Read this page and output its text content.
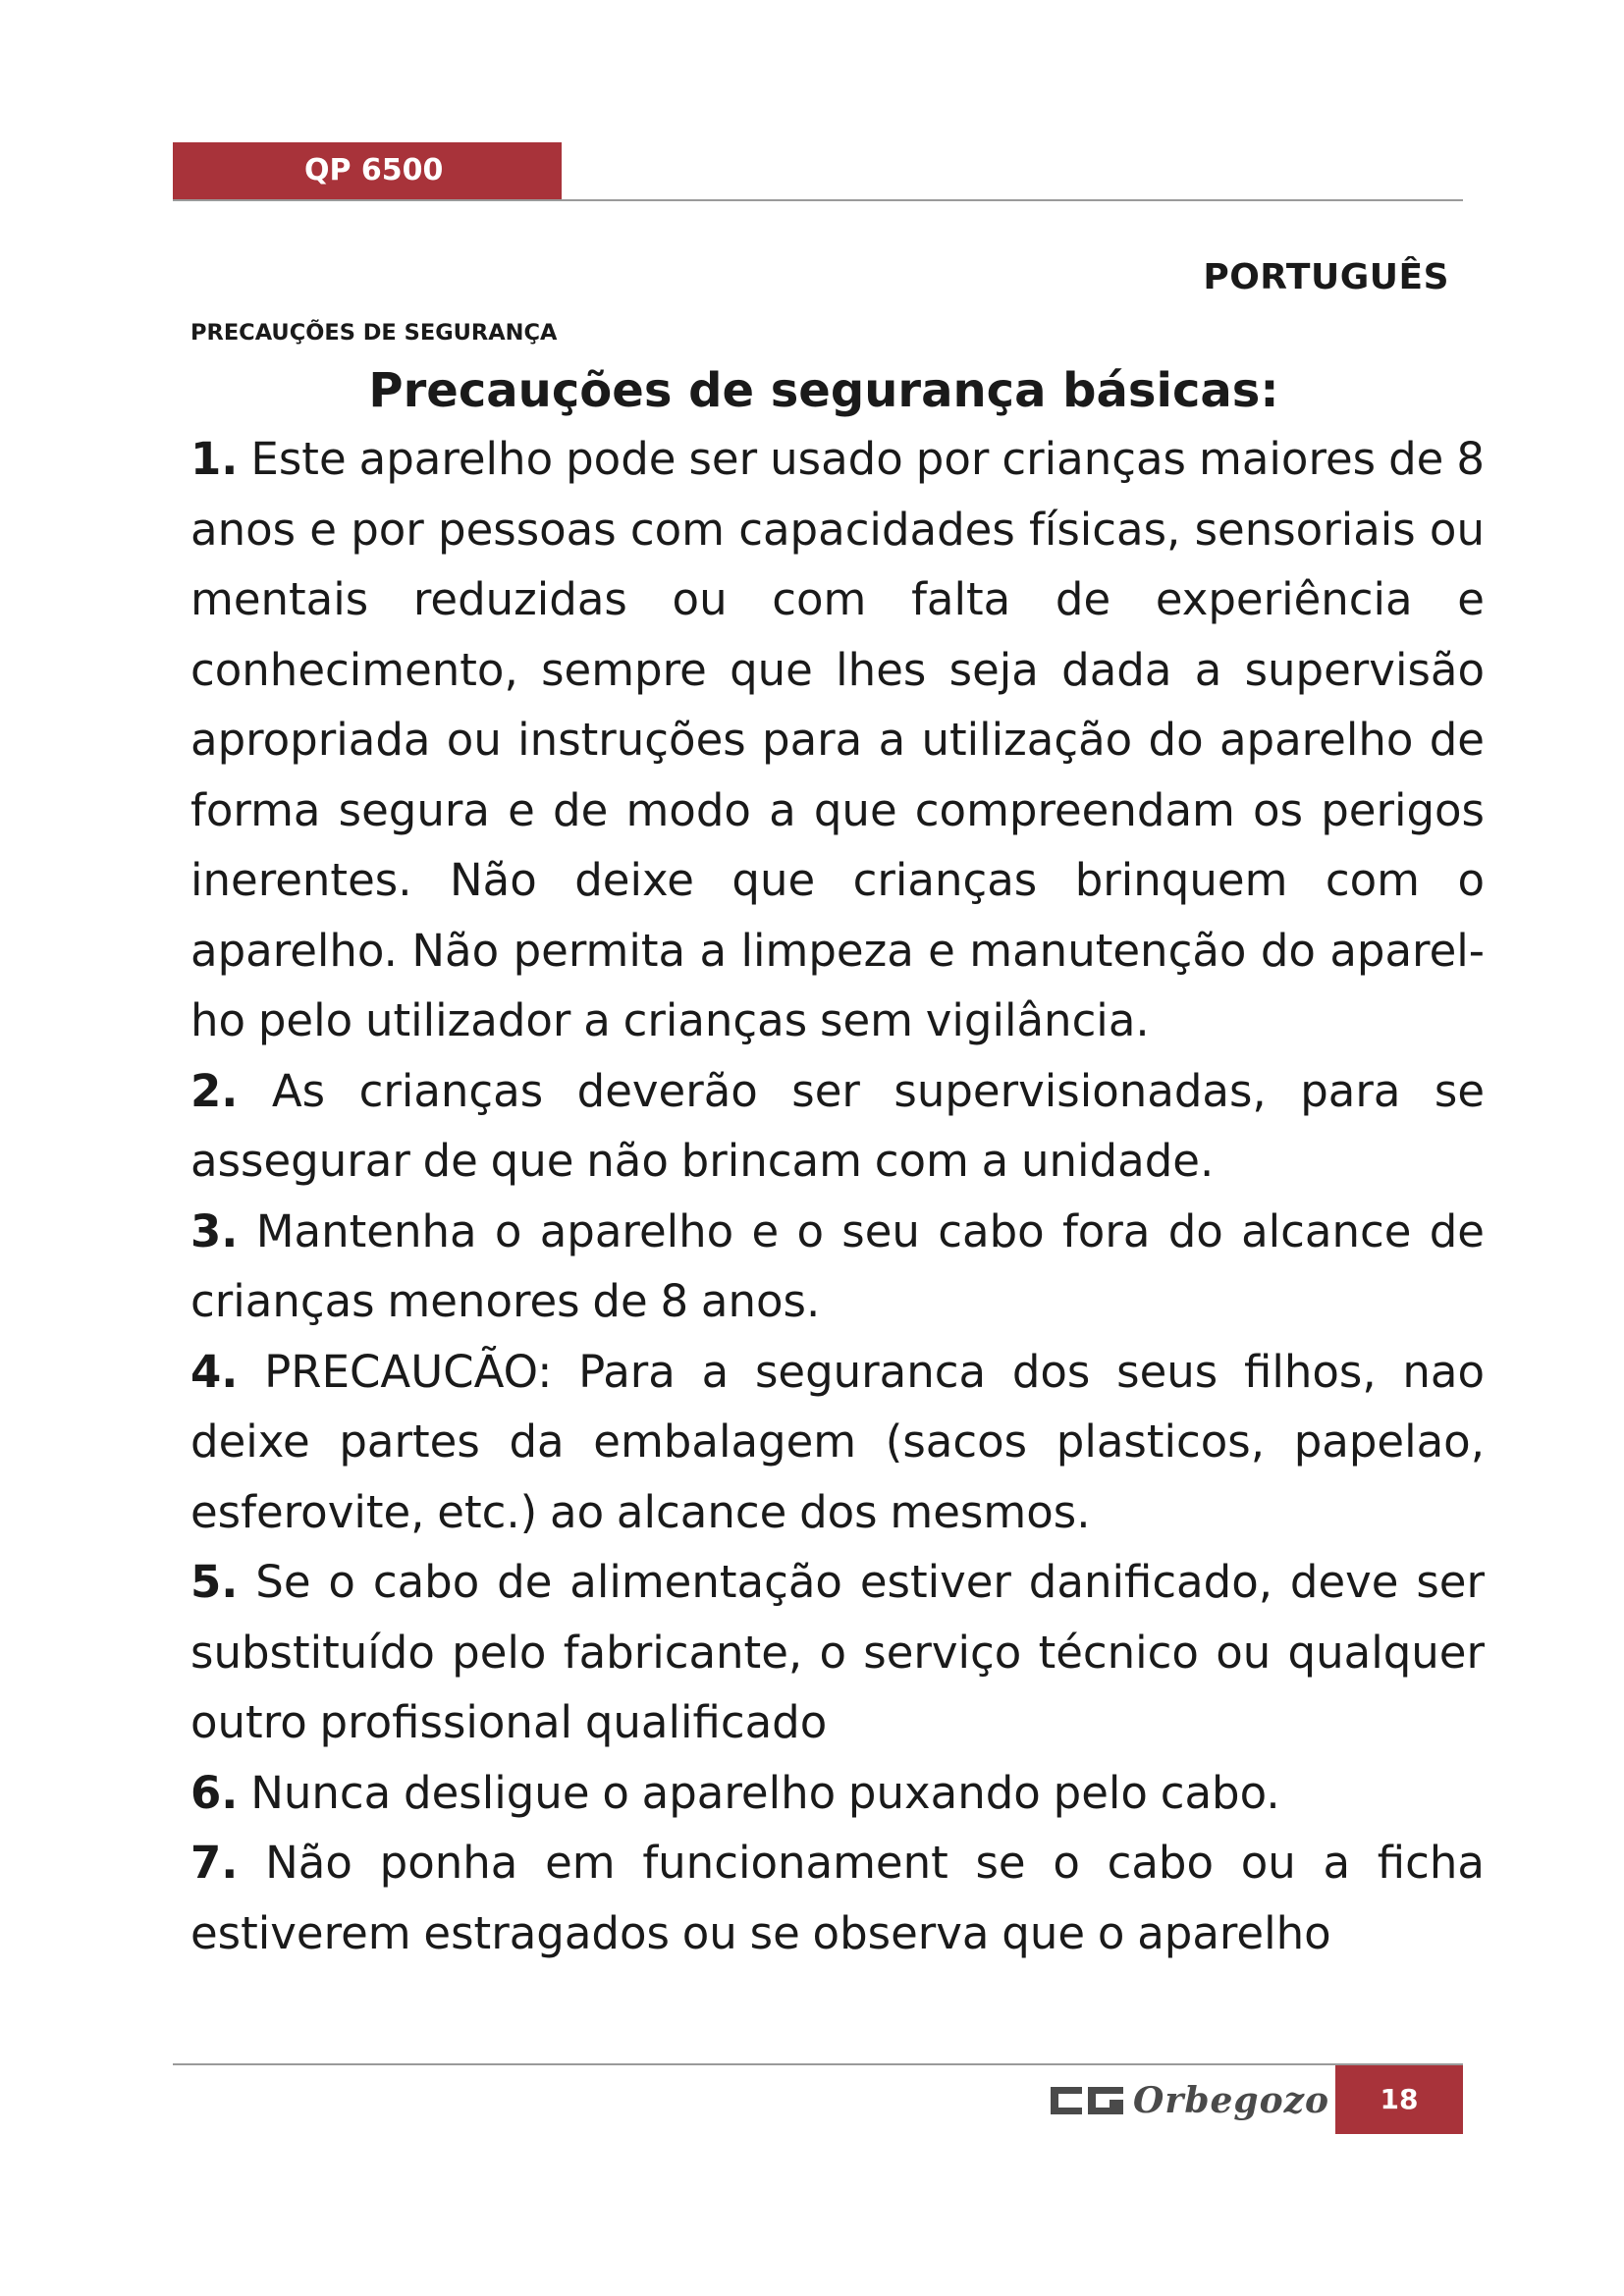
QP 6500
PORTUGUÊS
PRECAUÇÕES DE SEGURANÇA
Precauções de segurança básicas:
1. Este aparelho pode ser usado por crianças maiores de 8 anos e por pessoas com capacidades físicas, sensoriais ou mentais reduzidas ou com falta de experiência e conhecimento, sempre que lhes seja dada a supervisão apropriada ou instruções para a utilização do aparelho de forma segura e de modo a que compreendam os perigos inerentes. Não deixe que crianças brinquem com o aparelho. Não permita a limpeza e manutenção do aparel-ho pelo utilizador a crianças sem vigilância.
2. As crianças deverão ser supervisionadas, para se assegurar de que não brincam com a unidade.
3. Mantenha o aparelho e o seu cabo fora do alcance de crianças menores de 8 anos.
4. PRECAUCÃO: Para a seguranca dos seus filhos, nao deixe partes da embalagem (sacos plasticos, papelao, esferovite, etc.) ao alcance dos mesmos.
5. Se o cabo de alimentação estiver danificado, deve ser substituído pelo fabricante, o serviço técnico ou qualquer outro profissional qualificado
6. Nunca desligue o aparelho puxando pelo cabo.
7. Não ponha em funcionament se o cabo ou a ficha estiverem estragados ou se observa que o aparelho
Orbegozo	18
